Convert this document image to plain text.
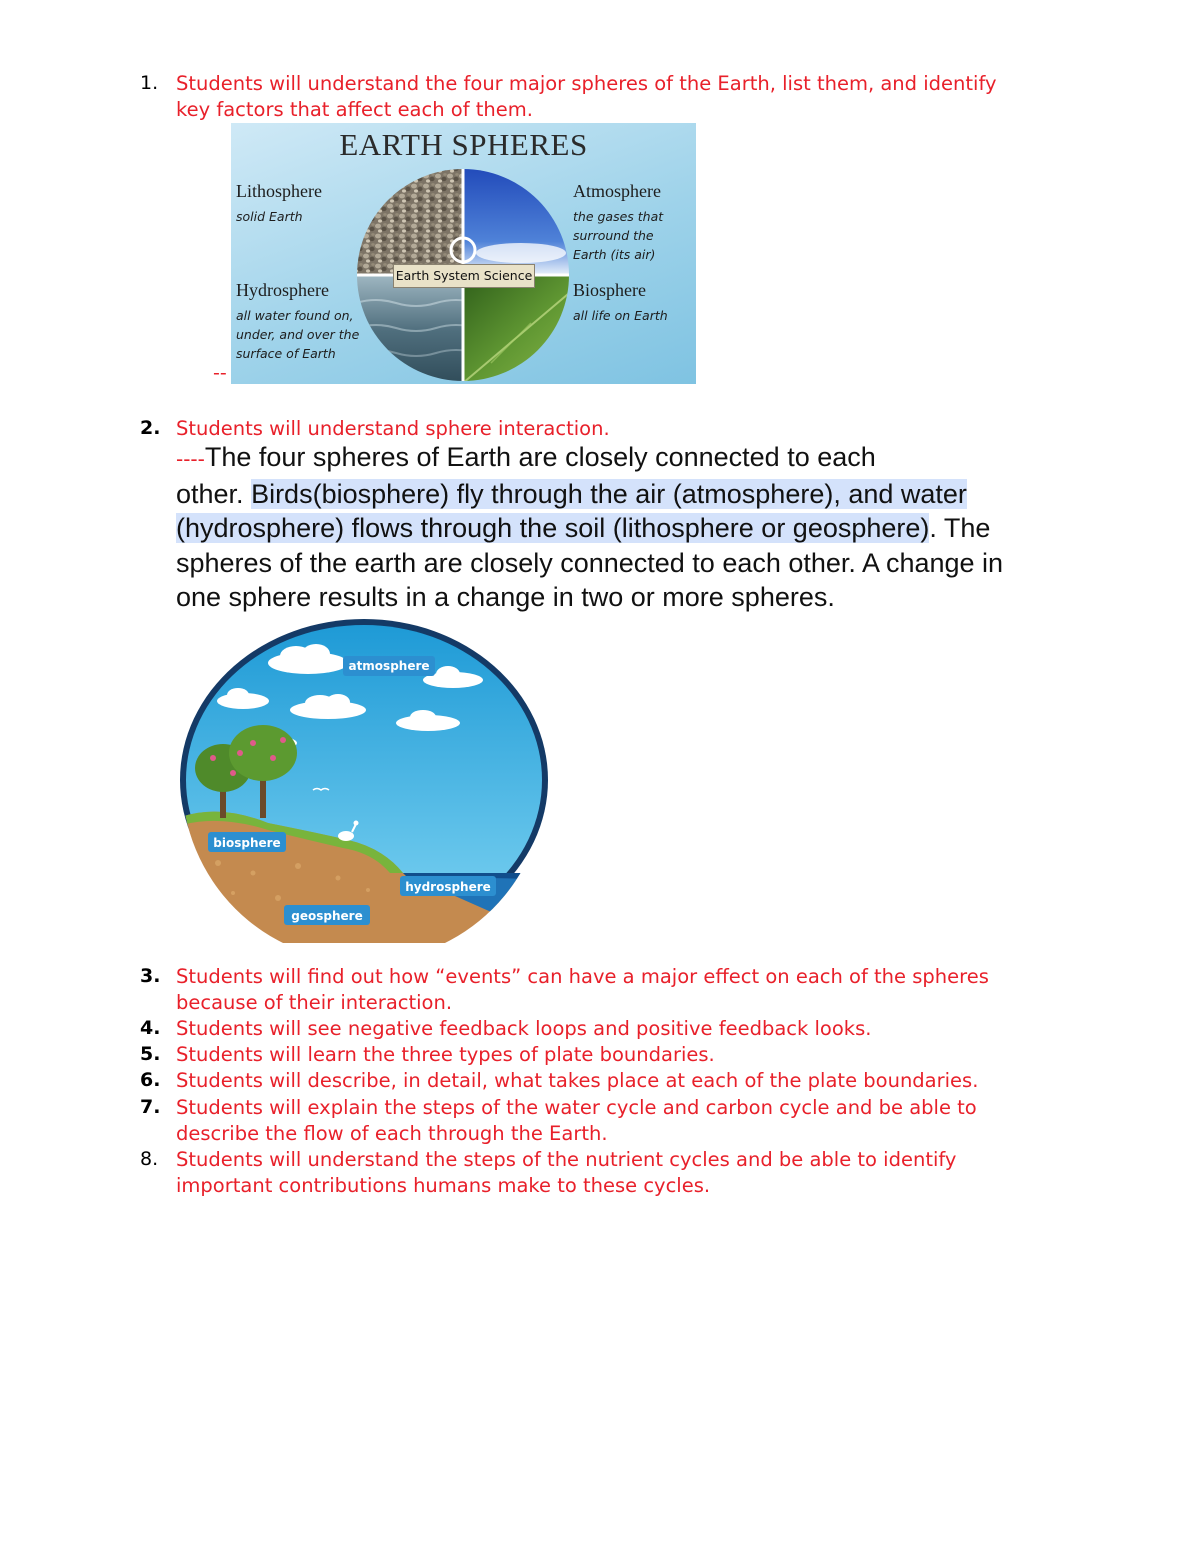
1. Students will understand the four major spheres of the Earth, list them, and identify
key factors that affect each of them.
EARTH SPHERES
Earth System Science
Lithosphere
solid Earth
Atmosphere
the gases that
surround the
Earth (its air)
Hydrosphere
all water found on,
under, and over the
surface of Earth
Biosphere
all life on Earth
--
2. Students will understand sphere interaction.
----The four spheres of Earth are closely connected to each
other. Birds(biosphere) fly through the air (atmosphere), and water
(hydrosphere) flows through the soil (lithosphere or geosphere). The
spheres of the earth are closely connected to each other. A change in
one sphere results in a change in two or more spheres.
atmosphere
biosphere
hydrosphere
geosphere
3. Students will find out how “events” can have a major effect on each of the spheres
because of their interaction.
4. Students will see negative feedback loops and positive feedback looks.
5. Students will learn the three types of plate boundaries.
6. Students will describe, in detail, what takes place at each of the plate boundaries.
7. Students will explain the steps of the water cycle and carbon cycle and be able to
describe the flow of each through the Earth.
8. Students will understand the steps of the nutrient cycles and be able to identify
important contributions humans make to these cycles.
